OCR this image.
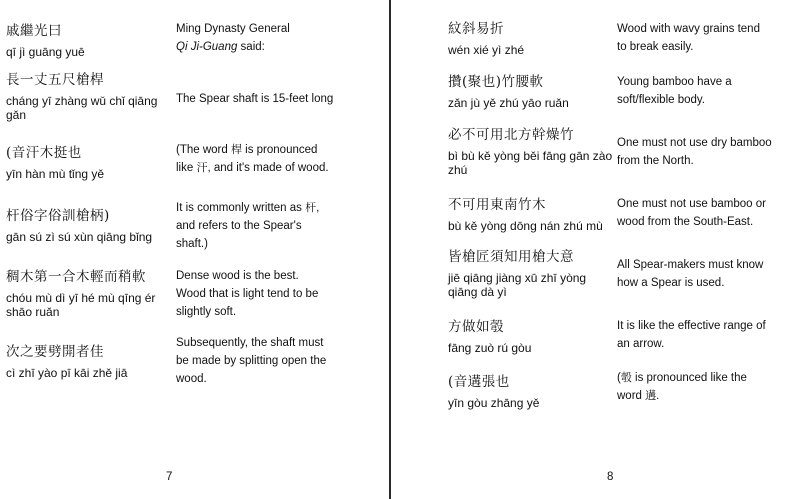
戚繼光曰
qī jì guāng yuē
Ming Dynasty General
Qi Ji-Guang said:
長一丈五尺槍桿
cháng yī zhàng wǔ chǐ qiāng gǎn
The Spear shaft is 15-feet long
(音汗木挺也
yīn hàn mù tǐng yě
(The word 桿 is pronounced
like 汗, and it's made of wood.
杆俗字俗訓槍柄)
gān sú zì sú xùn qiāng bǐng
It is commonly written as 杆,
and refers to the Spear's
shaft.)
稠木第一合木輕而稍軟
chóu mù dì yī hé mù qīng ér shāo ruǎn
Dense wood is the best.
Wood that is light tend to be
slightly soft.
次之要劈開者佳
cì zhī yào pī kāi zhě jiā
Subsequently, the shaft must
be made by splitting open the
wood.
7
紋斜易折
wén xié yì zhé
Wood with wavy grains tend
to break easily.
攢(聚也)竹腰軟
zǎn jù yě zhú yāo ruǎn
Young bamboo have a
soft/flexible body.
必不可用北方幹燥竹
bì bù kě yòng běi fāng gān zào zhú
One must not use dry bamboo
from the North.
不可用東南竹木
bù kě yòng dōng nán zhú mù
One must not use bamboo or
wood from the South-East.
皆槍匠須知用槍大意
jiē qiāng jiàng xū zhī yòng qiāng dà yì
All Spear-makers must know
how a Spear is used.
方做如彀
fāng zuò rú gòu
It is like the effective range of
an arrow.
(音遘張也
yīn gòu zhāng yě
(彀 is pronounced like the
word 遘.
8
